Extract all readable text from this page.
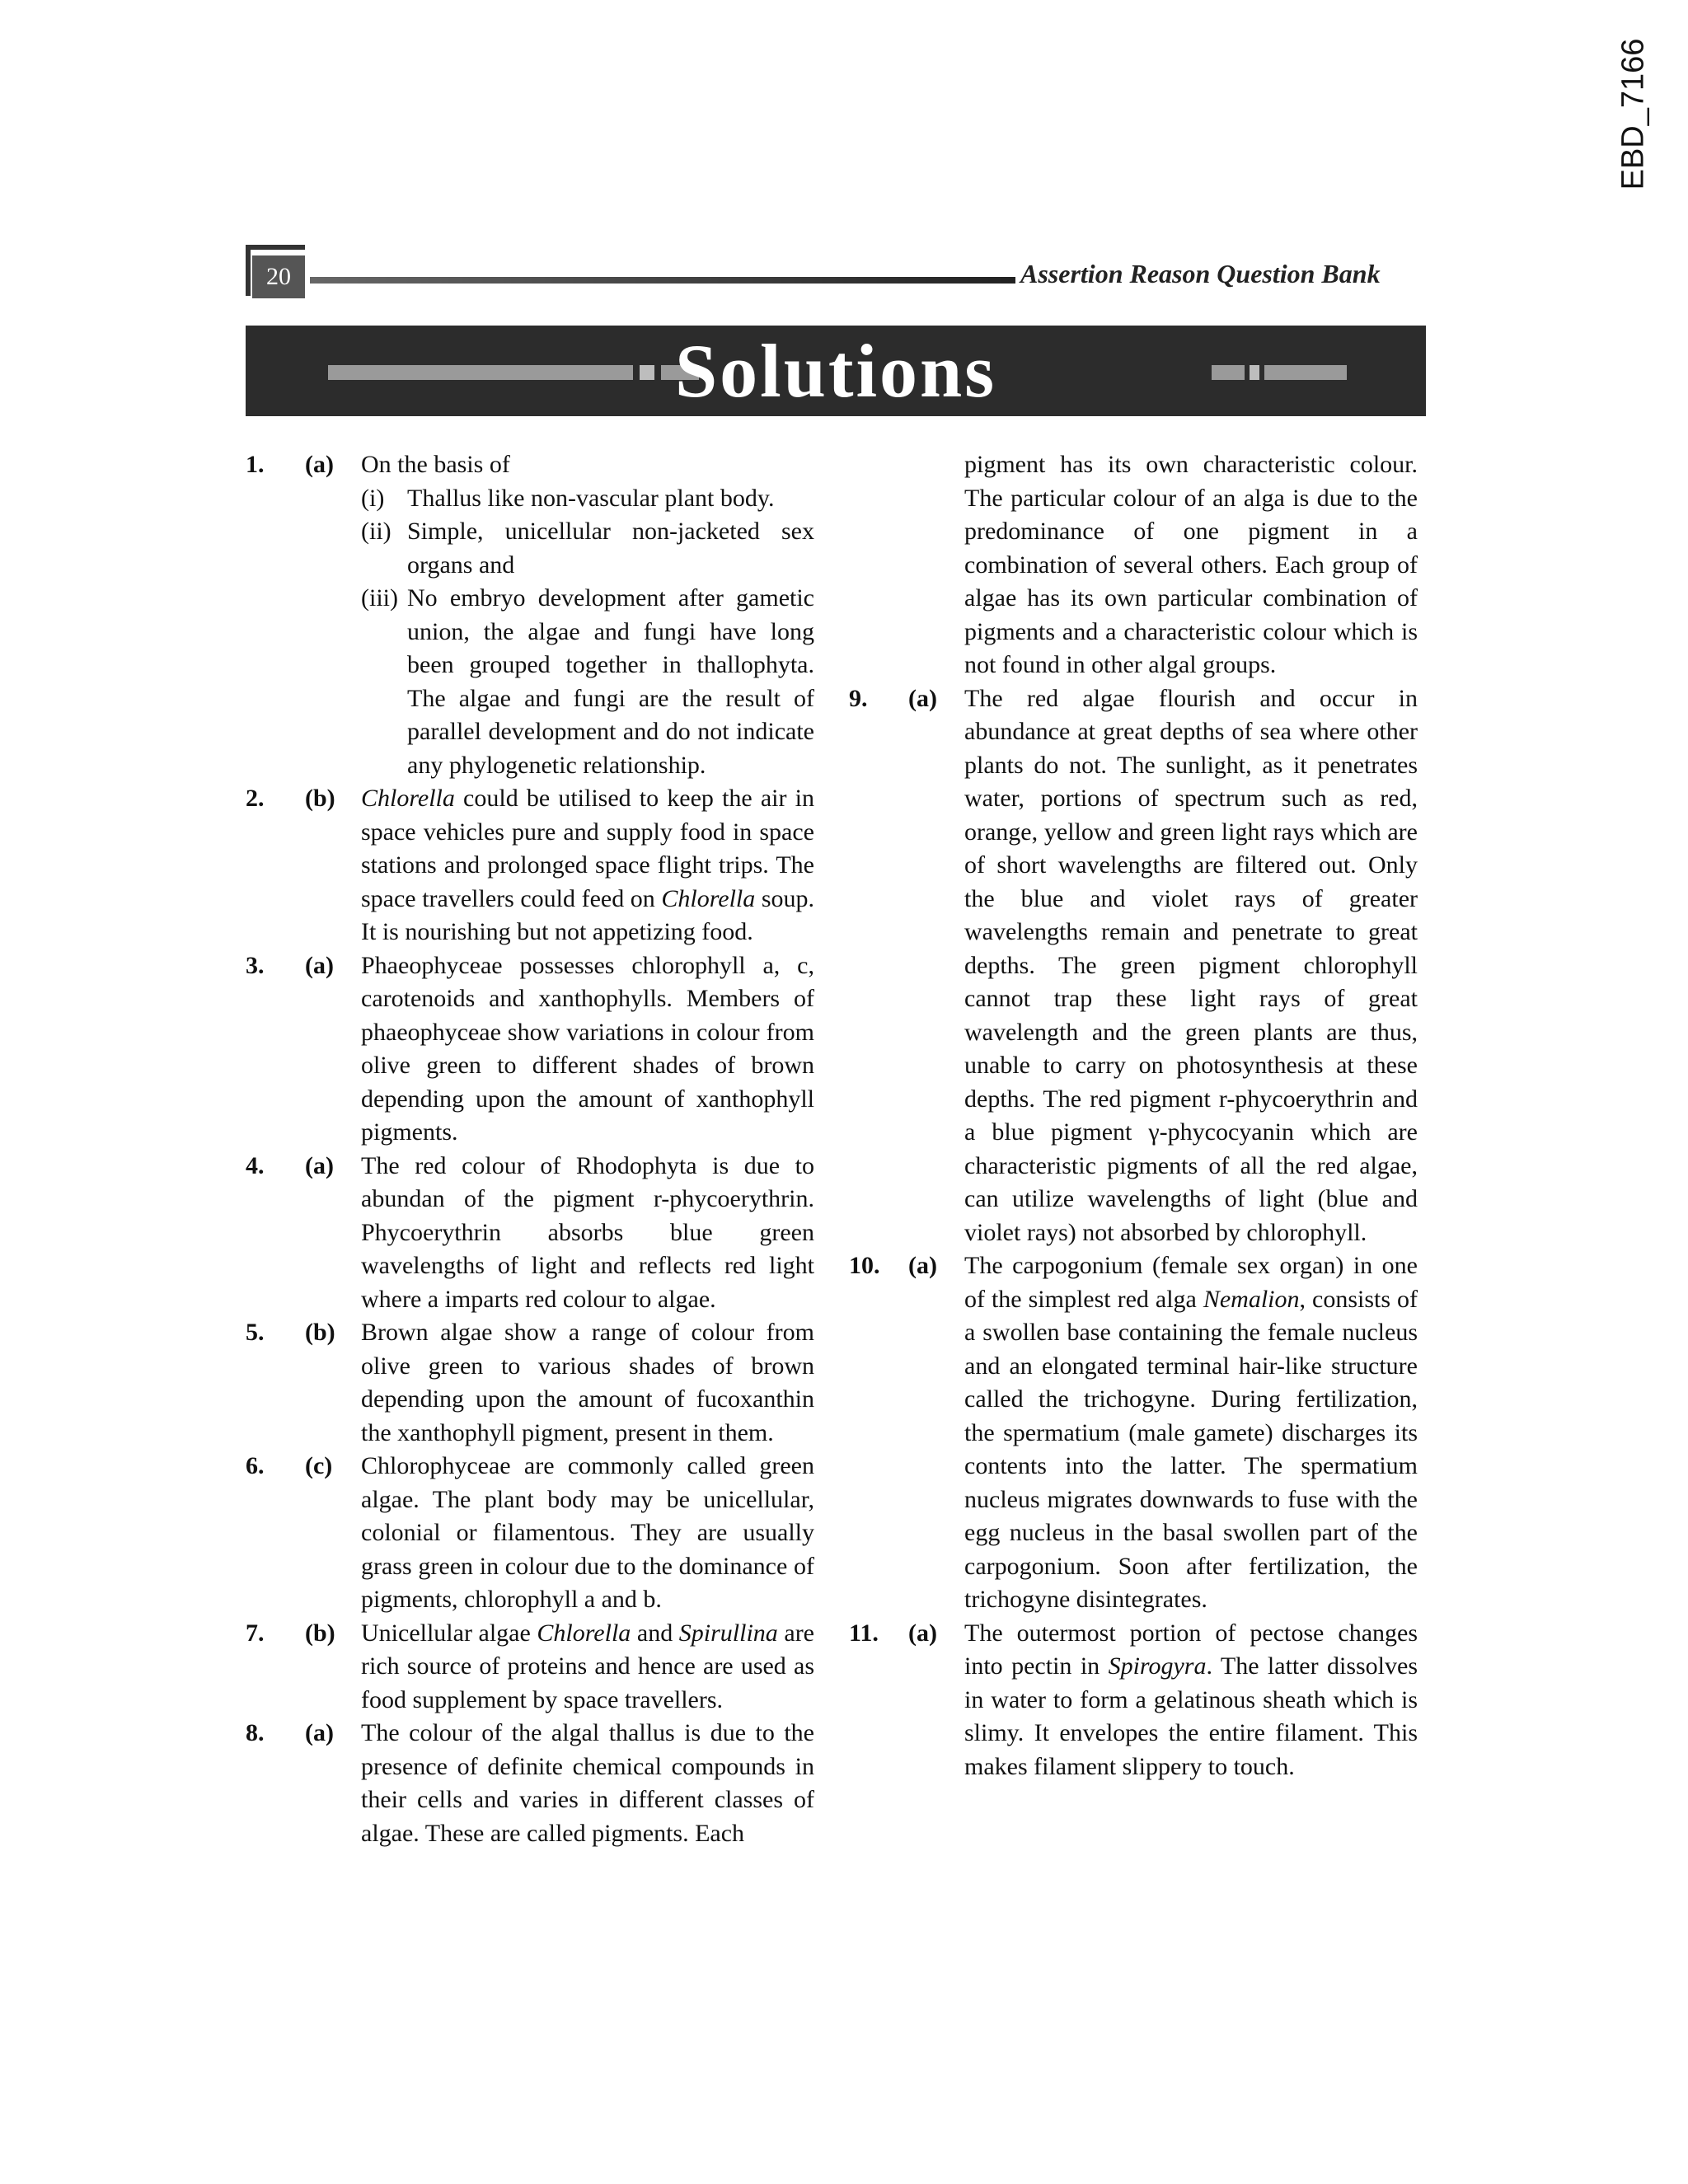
EBD_7166
20	Assertion Reason Question Bank
Solutions
1.	(a)	On the basis of

(i) Thallus like non-vascular plant body.
(ii) Simple, unicellular non-jacketed sex organs and
(iii) No embryo development after gametic union, the algae and fungi have long been grouped together in thallophyta. The algae and fungi are the result of parallel development and do not indicate any phylogenetic relationship.
2.	(b)	Chlorella could be utilised to keep the air in space vehicles pure and supply food in space stations and prolonged space flight trips. The space travellers could feed on Chlorella soup. It is nourishing but not appetizing food.
3.	(a)	Phaeophyceae possesses chlorophyll a, c, carotenoids and xanthophylls. Members of phaeophyceae show variations in colour from olive green to different shades of brown depending upon the amount of xanthophyll pigments.
4.	(a)	The red colour of Rhodophyta is due to abundan of the pigment r-phycoerythrin. Phycoerythrin absorbs blue green wavelengths of light and reflects red light where a imparts red colour to algae.
5.	(b)	Brown algae show a range of colour from olive green to various shades of brown depending upon the amount of fucoxanthin the xanthophyll pigment, present in them.
6.	(c)	Chlorophyceae are commonly called green algae. The plant body may be unicellular, colonial or filamentous. They are usually grass green in colour due to the dominance of pigments, chlorophyll a and b.
7.	(b)	Unicellular algae Chlorella and Spirullina are rich source of proteins and hence are used as food supplement by space travellers.
8.	(a)	The colour of the algal thallus is due to the presence of definite chemical compounds in their cells and varies in different classes of algae. These are called pigments. Each

pigment has its own characteristic colour. The particular colour of an alga is due to the predominance of one pigment in a combination of several others. Each group of algae has its own particular combination of pigments and a characteristic colour which is not found in other algal groups.

9.	(a)	The red algae flourish and occur in abundance at great depths of sea where other plants do not. The sunlight, as it penetrates water, portions of spectrum such as red, orange, yellow and green light rays which are of short wavelengths are filtered out. Only the blue and violet rays of greater wavelengths remain and penetrate to great depths. The green pigment chlorophyll cannot trap these light rays of great wavelength and the green plants are thus, unable to carry on photosynthesis at these depths. The red pigment r-phycoerythrin and a blue pigment γ-phycocyanin which are characteristic pigments of all the red algae, can utilize wavelengths of light (blue and violet rays) not absorbed by chlorophyll.
10.	(a)	The carpogonium (female sex organ) in one of the simplest red alga Nemalion, consists of a swollen base containing the female nucleus and an elongated terminal hair-like structure called the trichogyne. During fertilization, the spermatium (male gamete) discharges its contents into the latter. The spermatium nucleus migrates downwards to fuse with the egg nucleus in the basal swollen part of the carpogonium. Soon after fertilization, the trichogyne disintegrates.
11.	(a)	The outermost portion of pectose changes into pectin in Spirogyra. The latter dissolves in water to form a gelatinous sheath which is slimy. It envelopes the entire filament. This makes filament slippery to touch.
